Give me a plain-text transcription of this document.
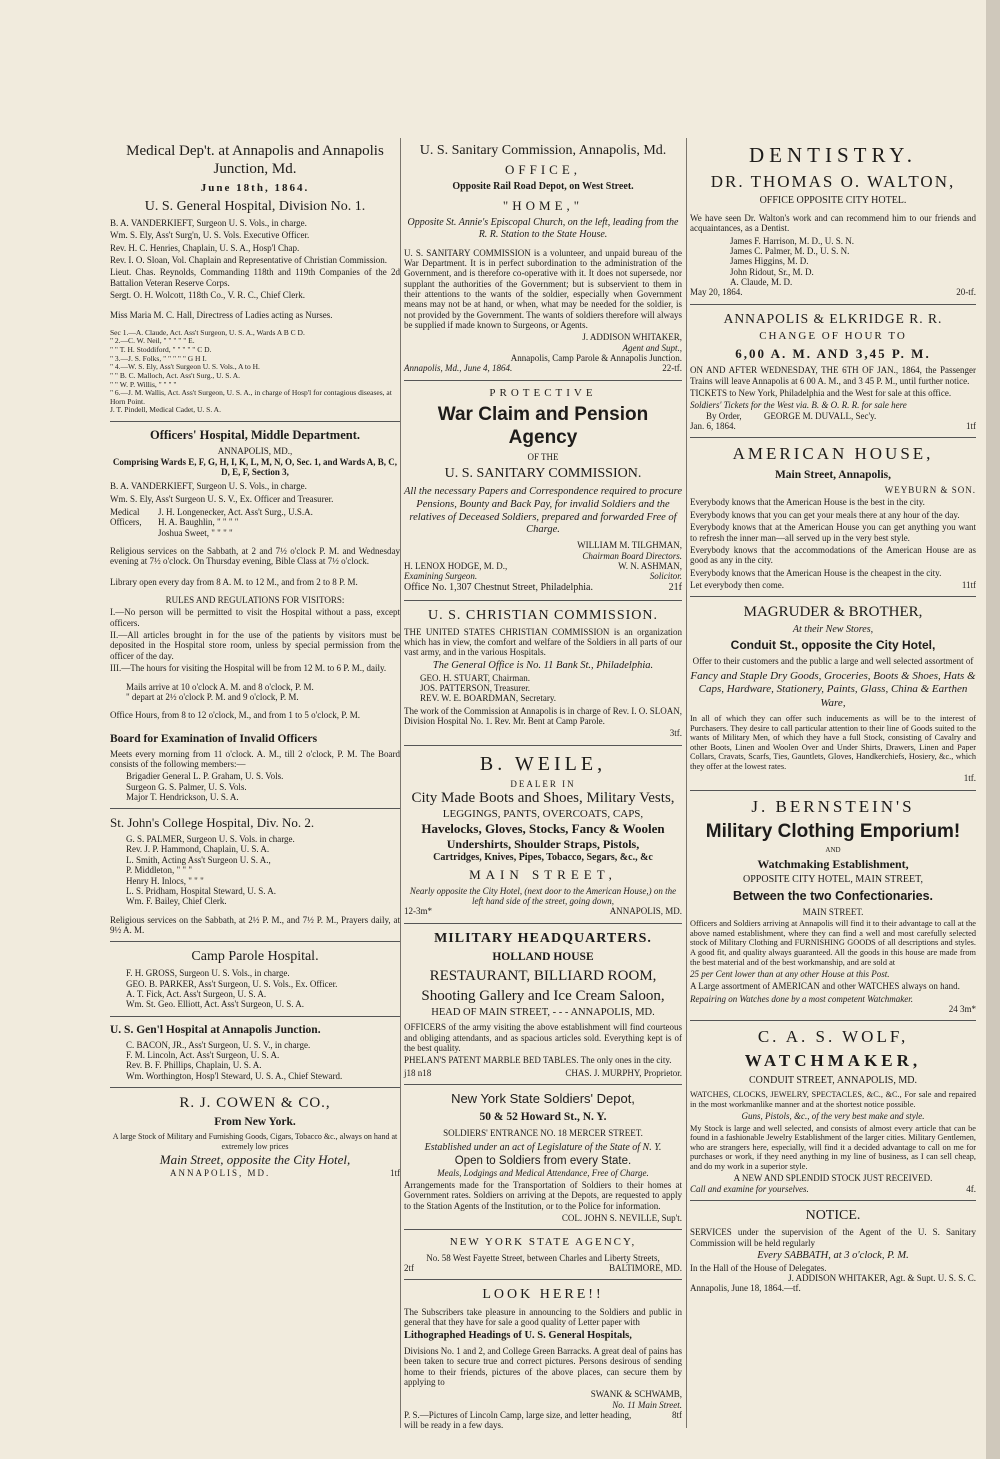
Medical Dep't. at Annapolis and Annapolis Junction, Md.
June 18th, 1864.
U. S. General Hospital, Division No. 1.

B. A. VANDERKIEFT, Surgeon U. S. Vols., in charge.

Wm. S. Ely, Ass't Surg'n, U. S. Vols. Executive Officer.

Rev. H. C. Henries, Chaplain, U. S. A., Hosp'l Chap.

Rev. I. O. Sloan, Vol. Chaplain and Representative of Christian Commission.

Lieut. Chas. Reynolds, Commanding 118th and 119th Companies of the 2d Battalion Veteran Reserve Corps.

Sergt. O. H. Wolcott, 118th Co., V. R. C., Chief Clerk.

Miss Maria M. C. Hall, Directress of Ladies acting as Nurses.

Sec 1.—A. Claude, Act. Ass't Surgeon, U. S. A., Wards A B C D.
" 2.—C. W. Neil, " " " " " E.
" " T. H. Stoddiford, " " " " " C D.
" 3.—J. S. Folks, " " " " " G H I.
" 4.—W. S. Ely, Ass't Surgeon U. S. Vols., A to H.
" " B. C. Malloch, Act. Ass't Surg., U. S. A.
" " W. P. Willis, " " " "
" 6.—J. M. Wallis, Act. Ass't Surgeon, U. S. A., in charge of Hosp'l for contagious diseases, at Horn Point.
J. T. Pindell, Medical Cadet, U. S. A.
Officers' Hospital, Middle Department.
ANNAPOLIS, MD.,
Comprising Wards E, F, G, H, I, K, L, M, N, O, Sec. 1, and Wards A, B, C, D, E, F, Section 3,

B. A. VANDERKIEFT, Surgeon U. S. Vols., in charge.

Wm. S. Ely, Ass't Surgeon U. S. V., Ex. Officer and Treasurer.

Medical Officers,
J. H. Longenecker, Act. Ass't Surg., U.S.A.
H. A. Baughlin, " " " "
Joshua Sweet, " " " "

Religious services on the Sabbath, at 2 and 7½ o'clock P. M. and Wednesday evening at 7½ o'clock. On Thursday evening, Bible Class at 7½ o'clock.

Library open every day from 8 A. M. to 12 M., and from 2 to 8 P. M.

RULES AND REGULATIONS FOR VISITORS:

I.—No person will be permitted to visit the Hospital without a pass, except officers.

II.—All articles brought in for the use of the patients by visitors must be deposited in the Hospital store room, unless by special permission from the officer of the day.

III.—The hours for visiting the Hospital will be from 12 M. to 6 P. M., daily.

Mails arrive at 10 o'clock A. M. and 8 o'clock, P. M.
" depart at 2½ o'clock P. M. and 9 o'clock, P. M.

Office Hours, from 8 to 12 o'clock, M., and from 1 to 5 o'clock, P. M.

Board for Examination of Invalid Officers

Meets every morning from 11 o'clock. A. M., till 2 o'clock, P. M. The Board consists of the following members:—

Brigadier General L. P. Graham, U. S. Vols.
Surgeon G. S. Palmer, U. S. Vols.
Major T. Hendrickson, U. S. A.
St. John's College Hospital, Div. No. 2.
G. S. PALMER, Surgeon U. S. Vols. in charge.
Rev. J. P. Hammond, Chaplain, U. S. A.
L. Smith, Acting Ass't Surgeon U. S. A.,
P. Middleton, " " "
Henry H. Inlocs, " " "
L. S. Pridham, Hospital Steward, U. S. A.
Wm. F. Bailey, Chief Clerk.

Religious services on the Sabbath, at 2½ P. M., and 7½ P. M., Prayers daily, at 9½ A. M.

Camp Parole Hospital.
F. H. GROSS, Surgeon U. S. Vols., in charge.
GEO. B. PARKER, Ass't Surgeon, U. S. Vols., Ex. Officer.
A. T. Fick, Act. Ass't Surgeon, U. S. A.
Wm. St. Geo. Elliott, Act. Ass't Surgeon, U. S. A.
U. S. Gen'l Hospital at Annapolis Junction.
C. BACON, JR., Ass't Surgeon, U. S. V., in charge.
F. M. Lincoln, Act. Ass't Surgeon, U. S. A.
Rev. B. F. Phillips, Chaplain, U. S. A.
Wm. Worthington, Hosp'l Steward, U. S. A., Chief Steward.
R. J. COWEN & CO.,
From New York.
A large Stock of Military and Furnishing Goods, Cigars, Tobacco &c., always on hand at extremely low prices
Main Street, opposite the City Hotel,
ANNAPOLIS, MD.	1tf
U. S. Sanitary Commission, Annapolis, Md.
OFFICE,
Opposite Rail Road Depot, on West Street.
"HOME,"
Opposite St. Annie's Episcopal Church, on the left, leading from the R. R. Station to the State House.

U. S. SANITARY COMMISSION is a volunteer, and unpaid bureau of the War Department. It is in perfect subordination to the administration of the Government, and is therefore co-operative with it. It does not supersede, nor supplant the authorities of the Government; but is subservient to them in their attentions to the wants of the soldier, especially when Government means may not be at hand, or when, what may be needed for the soldier, is not provided by the Government. The wants of soldiers therefore will always be supplied if made known to Surgeons, or Agents.

J. ADDISON WHITAKER,
Agent and Supt.,
Annapolis, Camp Parole & Annapolis Junction.
Annapolis, Md., June 4, 1864.	22-tf.
PROTECTIVE
War Claim and Pension Agency
OF THE
U. S. SANITARY COMMISSION.
All the necessary Papers and Correspondence required to procure Pensions, Bounty and Back Pay, for invalid Soldiers and the relatives of Deceased Soldiers, prepared and forwarded Free of Charge.
WILLIAM M. TILGHMAN,
Chairman Board Directors.
H. LENOX HODGE, M. D.,
Examining Surgeon.
W. N. ASHMAN,
Solicitor.
Office No. 1,307 Chestnut Street, Philadelphia.	21f
U. S. CHRISTIAN COMMISSION.

THE UNITED STATES CHRISTIAN COMMISSION is an organization which has in view, the comfort and welfare of the Soldiers in all parts of our vast army, and in the various Hospitals.

The General Office is No. 11 Bank St., Philadelphia.
GEO. H. STUART, Chairman.
JOS. PATTERSON, Treasurer.
REV. W. E. BOARDMAN, Secretary.

The work of the Commission at Annapolis is in charge of Rev. I. O. SLOAN, Division Hospital No. 1. Rev. Mr. Bent at Camp Parole.

3tf.
B. WEILE,
DEALER IN
City Made Boots and Shoes, Military Vests,
LEGGINGS, PANTS, OVERCOATS, CAPS,
Havelocks, Gloves, Stocks, Fancy & Woolen
Undershirts, Shoulder Straps, Pistols,
Cartridges, Knives, Pipes, Tobacco, Segars, &c., &c
MAIN STREET,
Nearly opposite the City Hotel, (next door to the American House,) on the left hand side of the street, going down,
12-3m*	ANNAPOLIS, MD.
MILITARY HEADQUARTERS.
HOLLAND HOUSE
RESTAURANT, BILLIARD ROOM,
Shooting Gallery and Ice Cream Saloon,
HEAD OF MAIN STREET, - - - ANNAPOLIS, MD.

OFFICERS of the army visiting the above establishment will find courteous and obliging attendants, and as spacious articles sold. Everything kept is of the best quality.

PHELAN'S PATENT MARBLE BED TABLES. The only ones in the city.

j18 n18	CHAS. J. MURPHY, Proprietor.
New York State Soldiers' Depot,
50 & 52 Howard St., N. Y.
SOLDIERS' ENTRANCE NO. 18 MERCER STREET.
Established under an act of Legislature of the State of N. Y.
Open to Soldiers from every State.
Meals, Lodgings and Medical Attendance, Free of Charge.

Arrangements made for the Transportation of Soldiers to their homes at Government rates. Soldiers on arriving at the Depots, are requested to apply to the Station Agents of the Institution, or to the Police for information.

COL. JOHN S. NEVILLE, Sup't.
NEW YORK STATE AGENCY,
No. 58 West Fayette Street, between Charles and Liberty Streets,
2tf	BALTIMORE, MD.
LOOK HERE!!

The Subscribers take pleasure in announcing to the Soldiers and public in general that they have for sale a good quality of Letter paper with

Lithographed Headings of U. S. General Hospitals,

Divisions No. 1 and 2, and College Green Barracks. A great deal of pains has been taken to secure true and correct pictures. Persons desirous of sending home to their friends, pictures of the above places, can secure them by applying to

SWANK & SCHWAMB,
No. 11 Main Street.
P. S.—Pictures of Lincoln Camp, large size, and letter heading, will be ready in a few days.
8tf
DENTISTRY.
DR. THOMAS O. WALTON,
OFFICE OPPOSITE CITY HOTEL.

We have seen Dr. Walton's work and can recommend him to our friends and acquaintances, as a Dentist.

James F. Harrison, M. D., U. S. N.
James C. Palmer, M. D., U. S. N.
James Higgins, M. D.
John Ridout, Sr., M. D.
A. Claude, M. D.
May 20, 1864.	20-tf.
ANNAPOLIS & ELKRIDGE R. R.
CHANGE OF HOUR TO
6,00 A. M. AND 3,45 P. M.

ON AND AFTER WEDNESDAY, THE 6TH OF JAN., 1864, the Passenger Trains will leave Annapolis at 6 00 A. M., and 3 45 P. M., until further notice.

TICKETS to New York, Philadelphia and the West for sale at this office.

Soldiers' Tickets for the West via. B. & O. R. R. for sale here
By Order, GEORGE M. DUVALL, Sec'y.
Jan. 6, 1864.	1tf
AMERICAN HOUSE,
Main Street, Annapolis,
WEYBURN & SON.

Everybody knows that the American House is the best in the city.

Everybody knows that you can get your meals there at any hour of the day.

Everybody knows that at the American House you can get anything you want to refresh the inner man—all served up in the very best style.

Everybody knows that the accommodations of the American House are as good as any in the city.

Everybody knows that the American House is the cheapest in the city.

Let everybody then come.	11tf
MAGRUDER & BROTHER,
At their New Stores,
Conduit St., opposite the City Hotel,
Offer to their customers and the public a large and well selected assortment of
Fancy and Staple Dry Goods, Groceries, Boots & Shoes, Hats & Caps, Hardware, Stationery, Paints, Glass, China & Earthen Ware,

In all of which they can offer such inducements as will be to the interest of Purchasers. They desire to call particular attention to their line of Goods suited to the wants of Military Men, of which they have a full Stock, consisting of Cavalry and other Boots, Linen and Woolen Over and Under Shirts, Drawers, Linen and Paper Collars, Cravats, Scarfs, Ties, Gauntlets, Gloves, Handkerchiefs, Hosiery, &c., which they offer at the lowest rates.

1tf.
J. BERNSTEIN'S
Military Clothing Emporium!
AND
Watchmaking Establishment,
OPPOSITE CITY HOTEL, MAIN STREET,
Between the two Confectionaries.
MAIN STREET.

Officers and Soldiers arriving at Annapolis will find it to their advantage to call at the above named establishment, where they can find a well and most carefully selected stock of Military Clothing and FURNISHING GOODS of all descriptions and styles. A good fit, and quality always guaranteed. All the goods in this house are made from the best material and of the best workmanship, and are sold at

25 per Cent lower than at any other House at this Post.

A Large assortment of AMERICAN and other WATCHES always on hand.

Repairing on Watches done by a most competent Watchmaker.
24 3m*
C. A. S. WOLF,
WATCHMAKER,
CONDUIT STREET, ANNAPOLIS, MD.

WATCHES, CLOCKS, JEWELRY, SPECTACLES, &C., &C., For sale and repaired in the most workmanlike manner and at the shortest notice possible.

Guns, Pistols, &c., of the very best make and style.

My Stock is large and well selected, and consists of almost every article that can be found in a fashionable Jewelry Establishment of the larger cities. Military Gentlemen, who are strangers here, especially, will find it a decided advantage to call on me for purchases or work, if they need anything in my line of business, as I can sell cheap, and do my work in a superior style.

A NEW AND SPLENDID STOCK JUST RECEIVED.
Call and examine for yourselves.	4f.
NOTICE.

SERVICES under the supervision of the Agent of the U. S. Sanitary Commission will be held regularly

Every SABBATH, at 3 o'clock, P. M.
In the Hall of the House of Delegates.
J. ADDISON WHITAKER, Agt. & Supt. U. S. S. C.
Annapolis, June 18, 1864.—tf.
